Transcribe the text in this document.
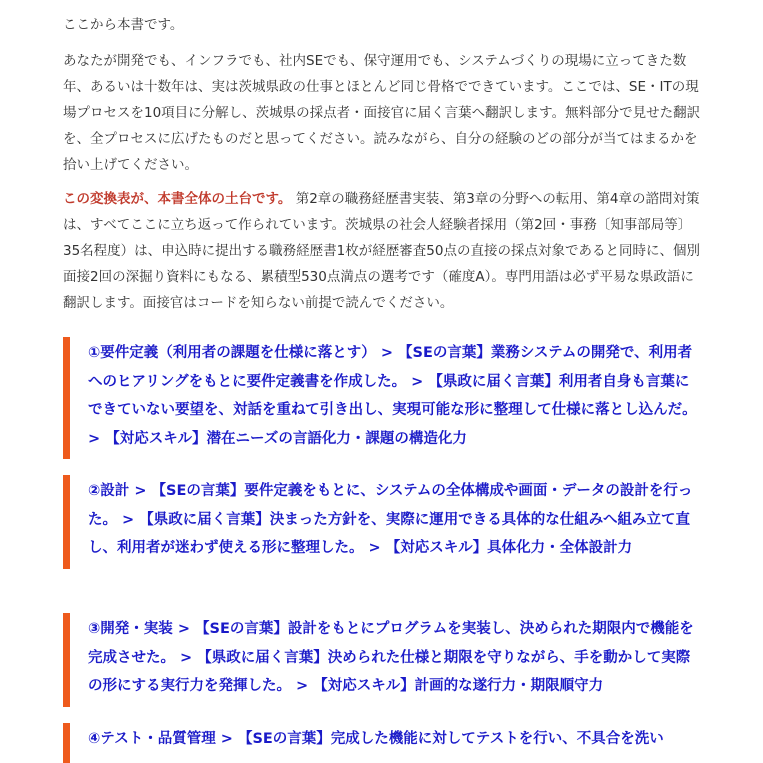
ここから本書です。

あなたが開発でも、インフラでも、社内SEでも、保守運用でも、システムづくりの現場に立ってきた数年、あるいは十数年は、実は茨城県政の仕事とほとんど同じ骨格でできています。ここでは、SE・ITの現場プロセスを10項目に分解し、茨城県の採点者・面接官に届く言葉へ翻訳します。無料部分で見せた翻訳を、全プロセスに広げたものだと思ってください。読みながら、自分の経験のどの部分が当てはまるかを拾い上げてください。

この変換表が、本書全体の土台です。 第2章の職務経歴書実装、第3章の分野への転用、第4章の諮問対策は、すべてここに立ち返って作られています。茨城県の社会人経験者採用（第2回・事務〔知事部局等〕35名程度）は、申込時に提出する職務経歴書1枚が経歴審査50点の直接の採点対象であると同時に、個別面接2回の深掘り資料にもなる、累積型530点満点の選考です（確度A）。専門用語は必ず平易な県政語に翻訳します。面接官はコードを知らない前提で読んでください。

①要件定義（利用者の課題を仕様に落とす） > 【SEの言葉】業務システムの開発で、利用者へのヒアリングをもとに要件定義書を作成した。 > 【県政に届く言葉】利用者自身も言葉にできていない要望を、対話を重ねて引き出し、実現可能な形に整理して仕様に落とし込んだ。 > 【対応スキル】潜在ニーズの言語化力・課題の構造化力

②設計 > 【SEの言葉】要件定義をもとに、システムの全体構成や画面・データの設計を行った。 > 【県政に届く言葉】決まった方針を、実際に運用できる具体的な仕組みへ組み立て直し、利用者が迷わず使える形に整理した。 > 【対応スキル】具体化力・全体設計力

③開発・実装 > 【SEの言葉】設計をもとにプログラムを実装し、決められた期限内で機能を完成させた。 > 【県政に届く言葉】決められた仕様と期限を守りながら、手を動かして実際の形にする実行力を発揮した。 > 【対応スキル】計画的な遂行力・期限順守力

④テスト・品質管理 > 【SEの言葉】完成した機能に対してテストを行い、不具合を洗い
